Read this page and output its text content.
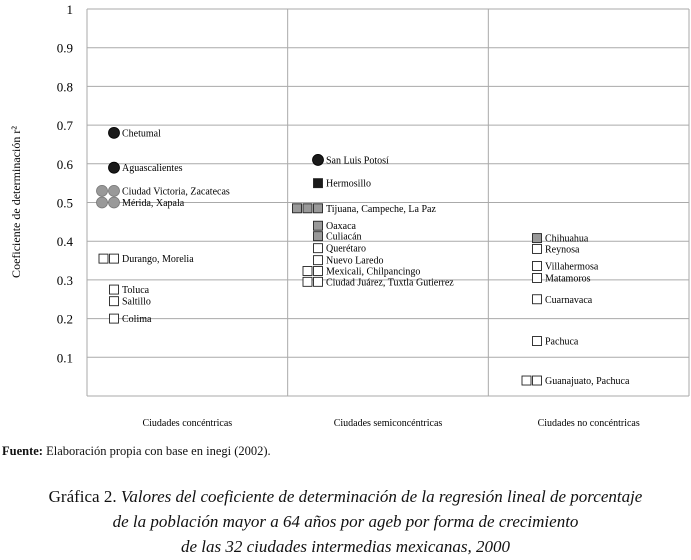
1
0.9
0.8
0.7
0.6
0.5
0.4
0.3
0.2
0.1
Ciudades concéntricas	Ciudades semiconcéntricas	Ciudades no concéntricas
Coeficiente de determinación r²	Chetumal
Aguascalientes
Ciudad Victoria, Zacatecas
Mérida, Xapala
Durango, Morelia
Toluca
Saltillo
Colima
San Luis Potosí
Hermosillo
Tijuana, Campeche, La Paz
Oaxaca
Culiacán
Querétaro
Nuevo Laredo
Mexicali, Chilpancingo
Ciudad Juárez, Tuxtla Gutierrez
Chihuahua
Reynosa
Villahermosa
Matamoros
Cuarnavaca
Pachuca
Guanajuato, Pachuca
Fuente: Elaboración propia con base en inegi (2002).
Gráfica 2. Valores del coeficiente de determinación de la regresión lineal de porcentaje
de la población mayor a 64 años por ageb por forma de crecimiento
de las 32 ciudades intermedias mexicanas, 2000
